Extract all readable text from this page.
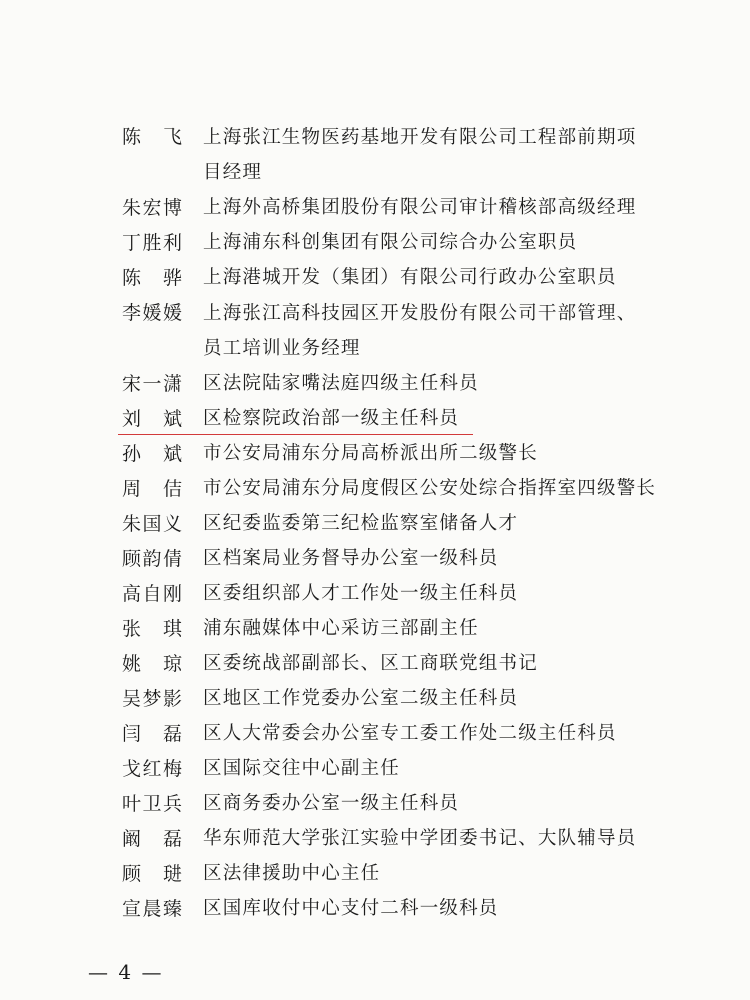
陈　飞 上海张江生物医药基地开发有限公司工程部前期项目经理
朱宏博 上海外高桥集团股份有限公司审计稽核部高级经理
丁胜利 上海浦东科创集团有限公司综合办公室职员
陈　骅 上海港城开发（集团）有限公司行政办公室职员
李媛媛 上海张江高科技园区开发股份有限公司干部管理、员工培训业务经理
宋一潇 区法院陆家嘴法庭四级主任科员
刘　斌 区检察院政治部一级主任科员
孙　斌 市公安局浦东分局高桥派出所二级警长
周　佶 市公安局浦东分局度假区公安处综合指挥室四级警长
朱国义 区纪委监委第三纪检监察室储备人才
顾韵倩 区档案局业务督导办公室一级科员
高自刚 区委组织部人才工作处一级主任科员
张　琪 浦东融媒体中心采访三部副主任
姚　琼 区委统战部副部长、区工商联党组书记
吴梦影 区地区工作党委办公室二级主任科员
闫　磊 区人大常委会办公室专工委工作处二级主任科员
戈红梅 区国际交往中心副主任
叶卫兵 区商务委办公室一级主任科员
阚　磊 华东师范大学张江实验中学团委书记、大队辅导员
顾　琎 区法律援助中心主任
宣晨臻 区国库收付中心支付二科一级科员
— 4 —
